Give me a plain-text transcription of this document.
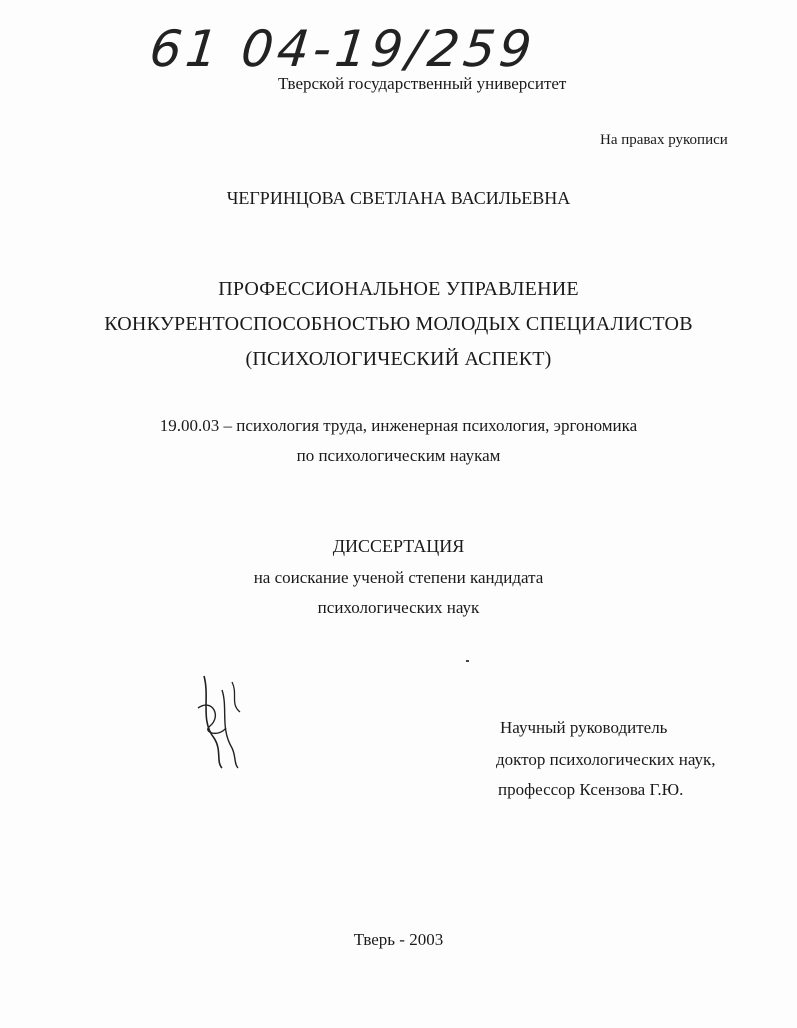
61 04-19/259
Тверской государственный университет
На правах рукописи
ЧЕГРИНЦОВА СВЕТЛАНА ВАСИЛЬЕВНА
ПРОФЕССИОНАЛЬНОЕ УПРАВЛЕНИЕ
КОНКУРЕНТОСПОСОБНОСТЬЮ МОЛОДЫХ СПЕЦИАЛИСТОВ
(ПСИХОЛОГИЧЕСКИЙ АСПЕКТ)
19.00.03 – психология труда, инженерная психология, эргономика
по психологическим наукам
ДИССЕРТАЦИЯ
на соискание ученой степени кандидата
психологических наук
Научный руководитель
доктор психологических наук,
профессор Ксензова Г.Ю.
Тверь - 2003
